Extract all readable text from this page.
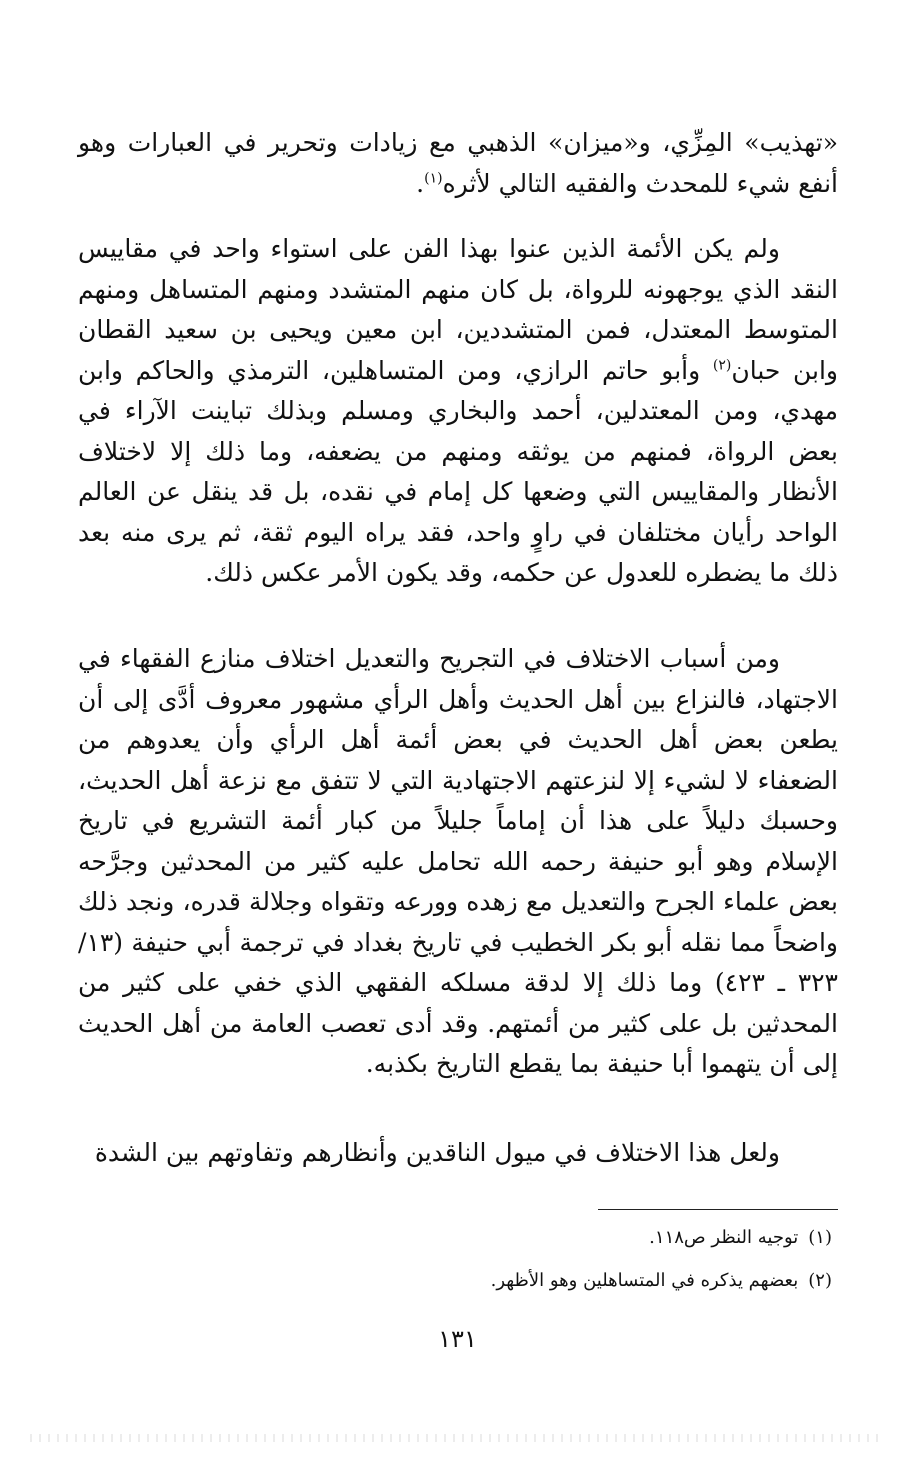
«تهذيب» المِزِّي، و«ميزان» الذهبي مع زيادات وتحرير في العبارات وهو أنفع شيء للمحدث والفقيه التالي لأثره$^{(١)}$.

ولم يكن الأئمة الذين عنوا بهذا الفن على استواء واحد في مقاييس النقد الذي يوجهونه للرواة، بل كان منهم المتشدد ومنهم المتساهل ومنهم المتوسط المعتدل، فمن المتشددين، ابن معين ويحيى بن سعيد القطان وابن حبان$^{(٢)}$ وأبو حاتم الرازي، ومن المتساهلين، الترمذي والحاكم وابن مهدي، ومن المعتدلين، أحمد والبخاري ومسلم وبذلك تباينت الآراء في بعض الرواة، فمنهم من يوثقه ومنهم من يضعفه، وما ذلك إلا لاختلاف الأنظار والمقاييس التي وضعها كل إمام في نقده، بل قد ينقل عن العالم الواحد رأيان مختلفان في راوٍ واحد، فقد يراه اليوم ثقة، ثم يرى منه بعد ذلك ما يضطره للعدول عن حكمه، وقد يكون الأمر عكس ذلك.

ومن أسباب الاختلاف في التجريح والتعديل اختلاف منازع الفقهاء في الاجتهاد، فالنزاع بين أهل الحديث وأهل الرأي مشهور معروف أدَّى إلى أن يطعن بعض أهل الحديث في بعض أئمة أهل الرأي وأن يعدوهم من الضعفاء لا لشيء إلا لنزعتهم الاجتهادية التي لا تتفق مع نزعة أهل الحديث، وحسبك دليلاً على هذا أن إماماً جليلاً من كبار أئمة التشريع في تاريخ الإسلام وهو أبو حنيفة رحمه الله تحامل عليه كثير من المحدثين وجرَّحه بعض علماء الجرح والتعديل مع زهده وورعه وتقواه وجلالة قدره، ونجد ذلك واضحاً مما نقله أبو بكر الخطيب في تاريخ بغداد في ترجمة أبي حنيفة (١٣/ ٣٢٣ ـ ٤٢٣) وما ذلك إلا لدقة مسلكه الفقهي الذي خفي على كثير من المحدثين بل على كثير من أئمتهم. وقد أدى تعصب العامة من أهل الحديث إلى أن يتهموا أبا حنيفة بما يقطع التاريخ بكذبه.

ولعل هذا الاختلاف في ميول الناقدين وأنظارهم وتفاوتهم بين الشدة

(١)توجيه النظر ص١١٨.
(٢)بعضهم يذكره في المتساهلين وهو الأظهر.
١٣١
